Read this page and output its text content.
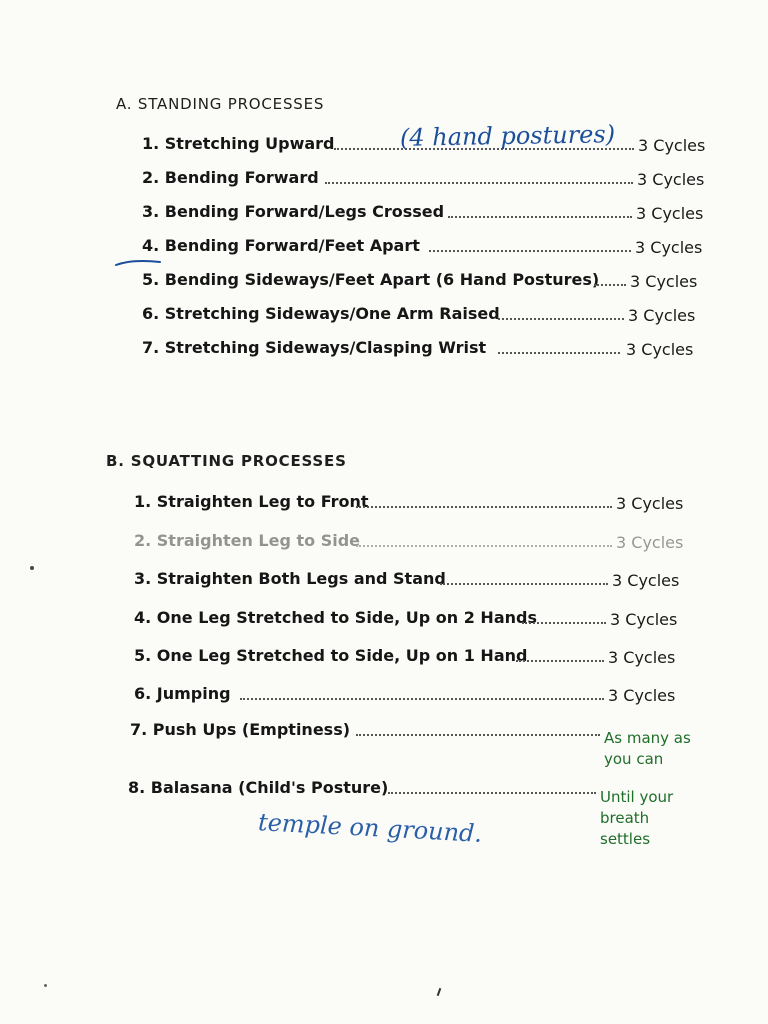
A. STANDING PROCESSES
1. Stretching Upward	3 Cycles
(4 hand postures)
2. Bending Forward	3 Cycles
3. Bending Forward/Legs Crossed	3 Cycles
4. Bending Forward/Feet Apart	3 Cycles
5. Bending Sideways/Feet Apart (6 Hand Postures) 3 Cycles
6. Stretching Sideways/One Arm Raised	3 Cycles
7. Stretching Sideways/Clasping Wrist	3 Cycles
B. SQUATTING PROCESSES
1. Straighten Leg to Front	3 Cycles
2. Straighten Leg to Side	3 Cycles
3. Straighten Both Legs and Stand	3 Cycles
4. One Leg Stretched to Side, Up on 2 Hands	3 Cycles
5. One Leg Stretched to Side, Up on 1 Hand	3 Cycles
6. Jumping	3 Cycles
7. Push Ups (Emptiness)	As many as
you can
8. Balasana (Child's Posture)	Until your
breath
settles
temple on ground.
